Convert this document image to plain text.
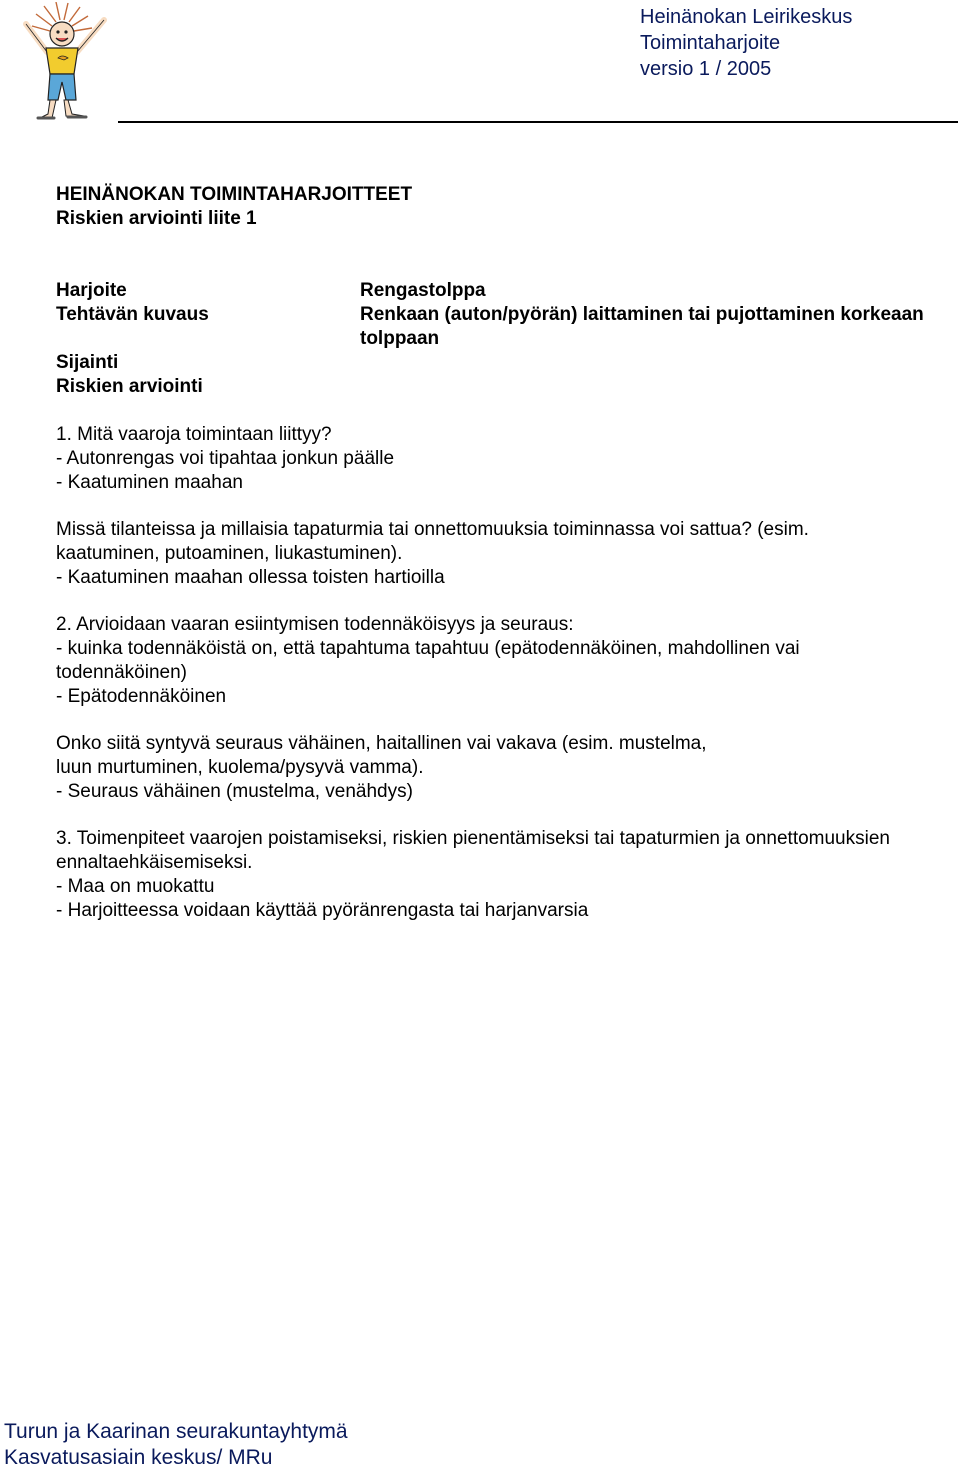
Heinänokan Leirikeskus
Toimintaharjoite
versio 1 / 2005
HEINÄNOKAN TOIMINTAHARJOITTEET
Riskien arviointi liite 1
Harjoite	Rengastolppa
Tehtävän kuvaus	Renkaan (auton/pyörän) laittaminen tai pujottaminen korkeaan tolppaan
Sijainti
Riskien arviointi

1. Mitä vaaroja toimintaan liittyy?

- Autonrengas voi tipahtaa jonkun päälle

- Kaatuminen maahan

Missä tilanteissa ja millaisia tapaturmia tai onnettomuuksia toiminnassa voi sattua? (esim. kaatuminen, putoaminen, liukastuminen).

- Kaatuminen maahan ollessa toisten hartioilla

2. Arvioidaan vaaran esiintymisen todennäköisyys ja seuraus:

- kuinka todennäköistä on, että tapahtuma tapahtuu (epätodennäköinen, mahdollinen vai todennäköinen)

- Epätodennäköinen

Onko siitä syntyvä seuraus vähäinen, haitallinen vai vakava (esim. mustelma,

luun murtuminen, kuolema/pysyvä vamma).

- Seuraus vähäinen (mustelma, venähdys)

3. Toimenpiteet vaarojen poistamiseksi, riskien pienentämiseksi tai tapaturmien ja onnettomuuksien ennaltaehkäisemiseksi.

- Maa on muokattu

- Harjoitteessa voidaan käyttää pyöränrengasta tai harjanvarsia

Turun ja Kaarinan seurakuntayhtymä
Kasvatusasiain keskus/ MRu
